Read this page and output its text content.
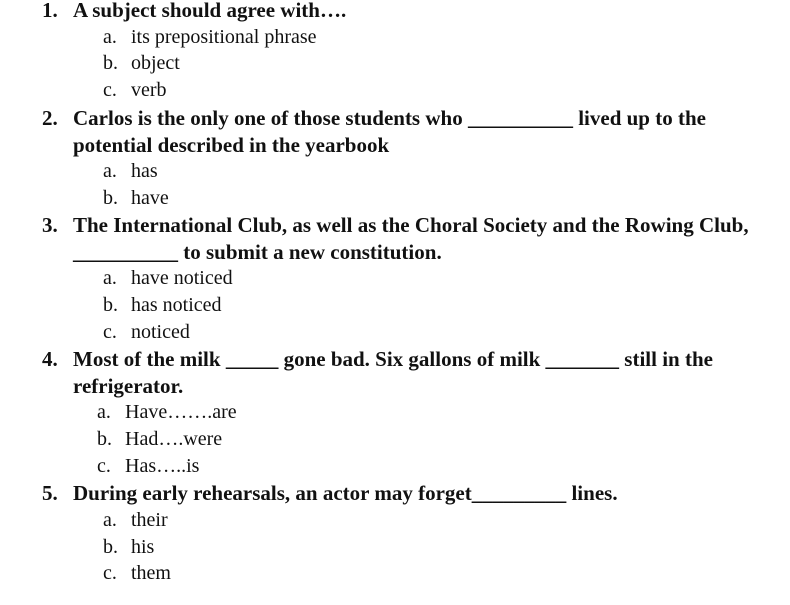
1. A subject should agree with….
a. its prepositional phrase
b. object
c. verb
2. Carlos is the only one of those students who __________ lived up to the potential described in the yearbook
a. has
b. have
3. The International Club, as well as the Choral Society and the Rowing Club, __________ to submit a new constitution.
a. have noticed
b. has noticed
c. noticed
4. Most of the milk _____ gone bad. Six gallons of milk _______ still in the refrigerator.
a. Have…….are
b. Had….were
c. Has…..is
5. During early rehearsals, an actor may forget_________ lines.
a. their
b. his
c. them
